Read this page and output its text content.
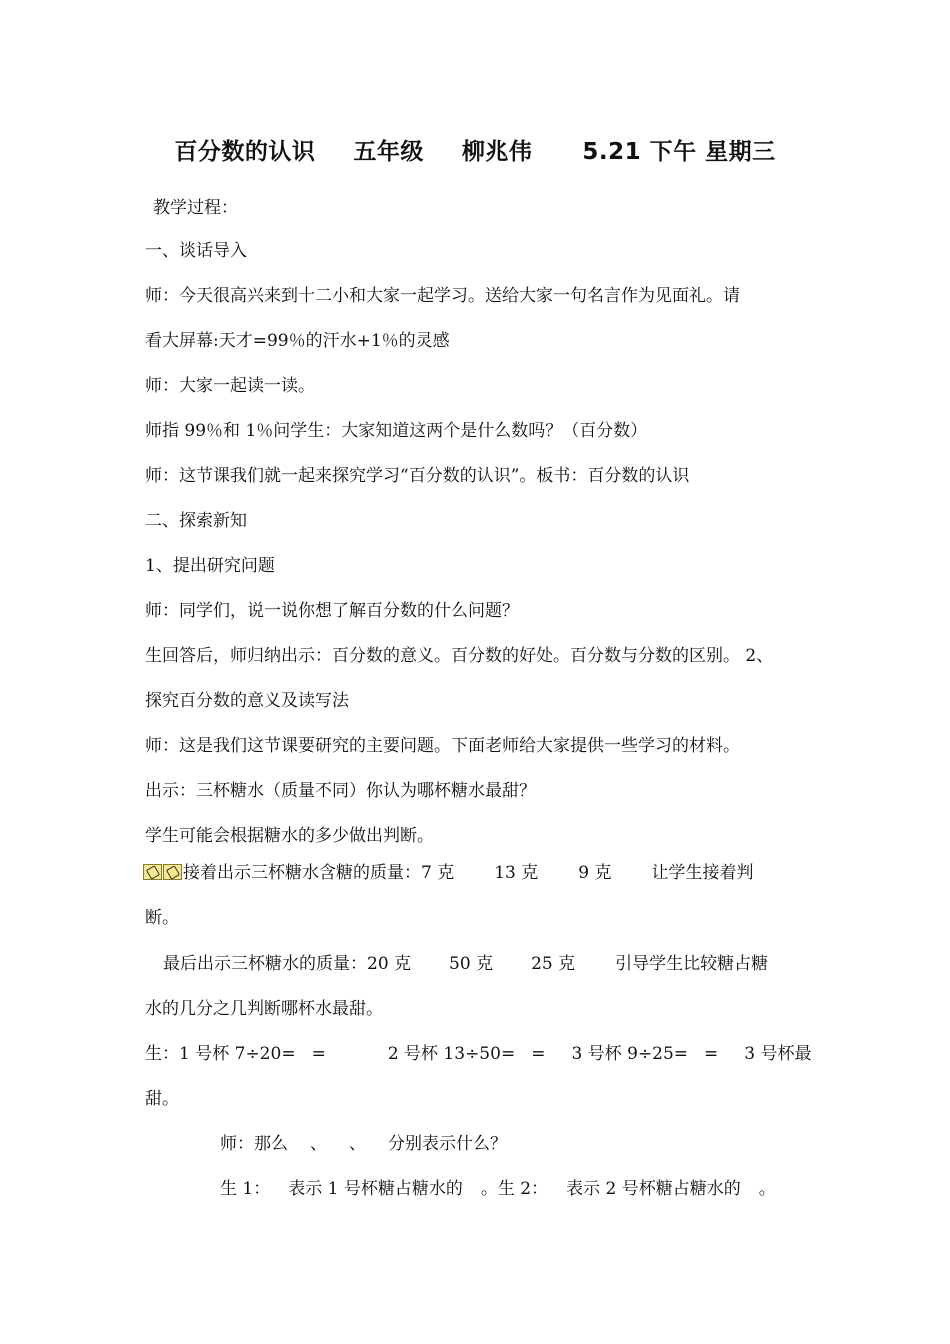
百分数的认识 五年级 柳兆伟 5.21 下午 星期三
教学过程：
一、谈话导入
师：今天很高兴来到十二小和大家一起学习。送给大家一句名言作为见面礼。请
看大屏幕:天才=99％的汗水+1％的灵感
师：大家一起读一读。
师指 99％和 1％问学生：大家知道这两个是什么数吗？（百分数）
师：这节课我们就一起来探究学习“百分数的认识”。板书：百分数的认识
二、探索新知
1、提出研究问题
师：同学们，说一说你想了解百分数的什么问题？
生回答后，师归纳出示：百分数的意义。百分数的好处。百分数与分数的区别。 2、
探究百分数的意义及读写法
师：这是我们这节课要研究的主要问题。下面老师给大家提供一些学习的材料。
出示：三杯糖水（质量不同）你认为哪杯糖水最甜？
学生可能会根据糖水的多少做出判断。
接着出示三杯糖水含糖的质量：7 克 13 克 9 克 让学生接着判
断。
最后出示三杯糖水的质量：20 克 50 克 25 克 引导学生比较糖占糖
水的几分之几判断哪杯水最甜。
生：1 号杯 7÷20= =	2 号杯 13÷50= = 3 号杯 9÷25= = 3 号杯最
甜。
师：那么 、 、 分别表示什么？
生 1： 表示 1 号杯糖占糖水的 。生 2： 表示 2 号杯糖占糖水的 。
